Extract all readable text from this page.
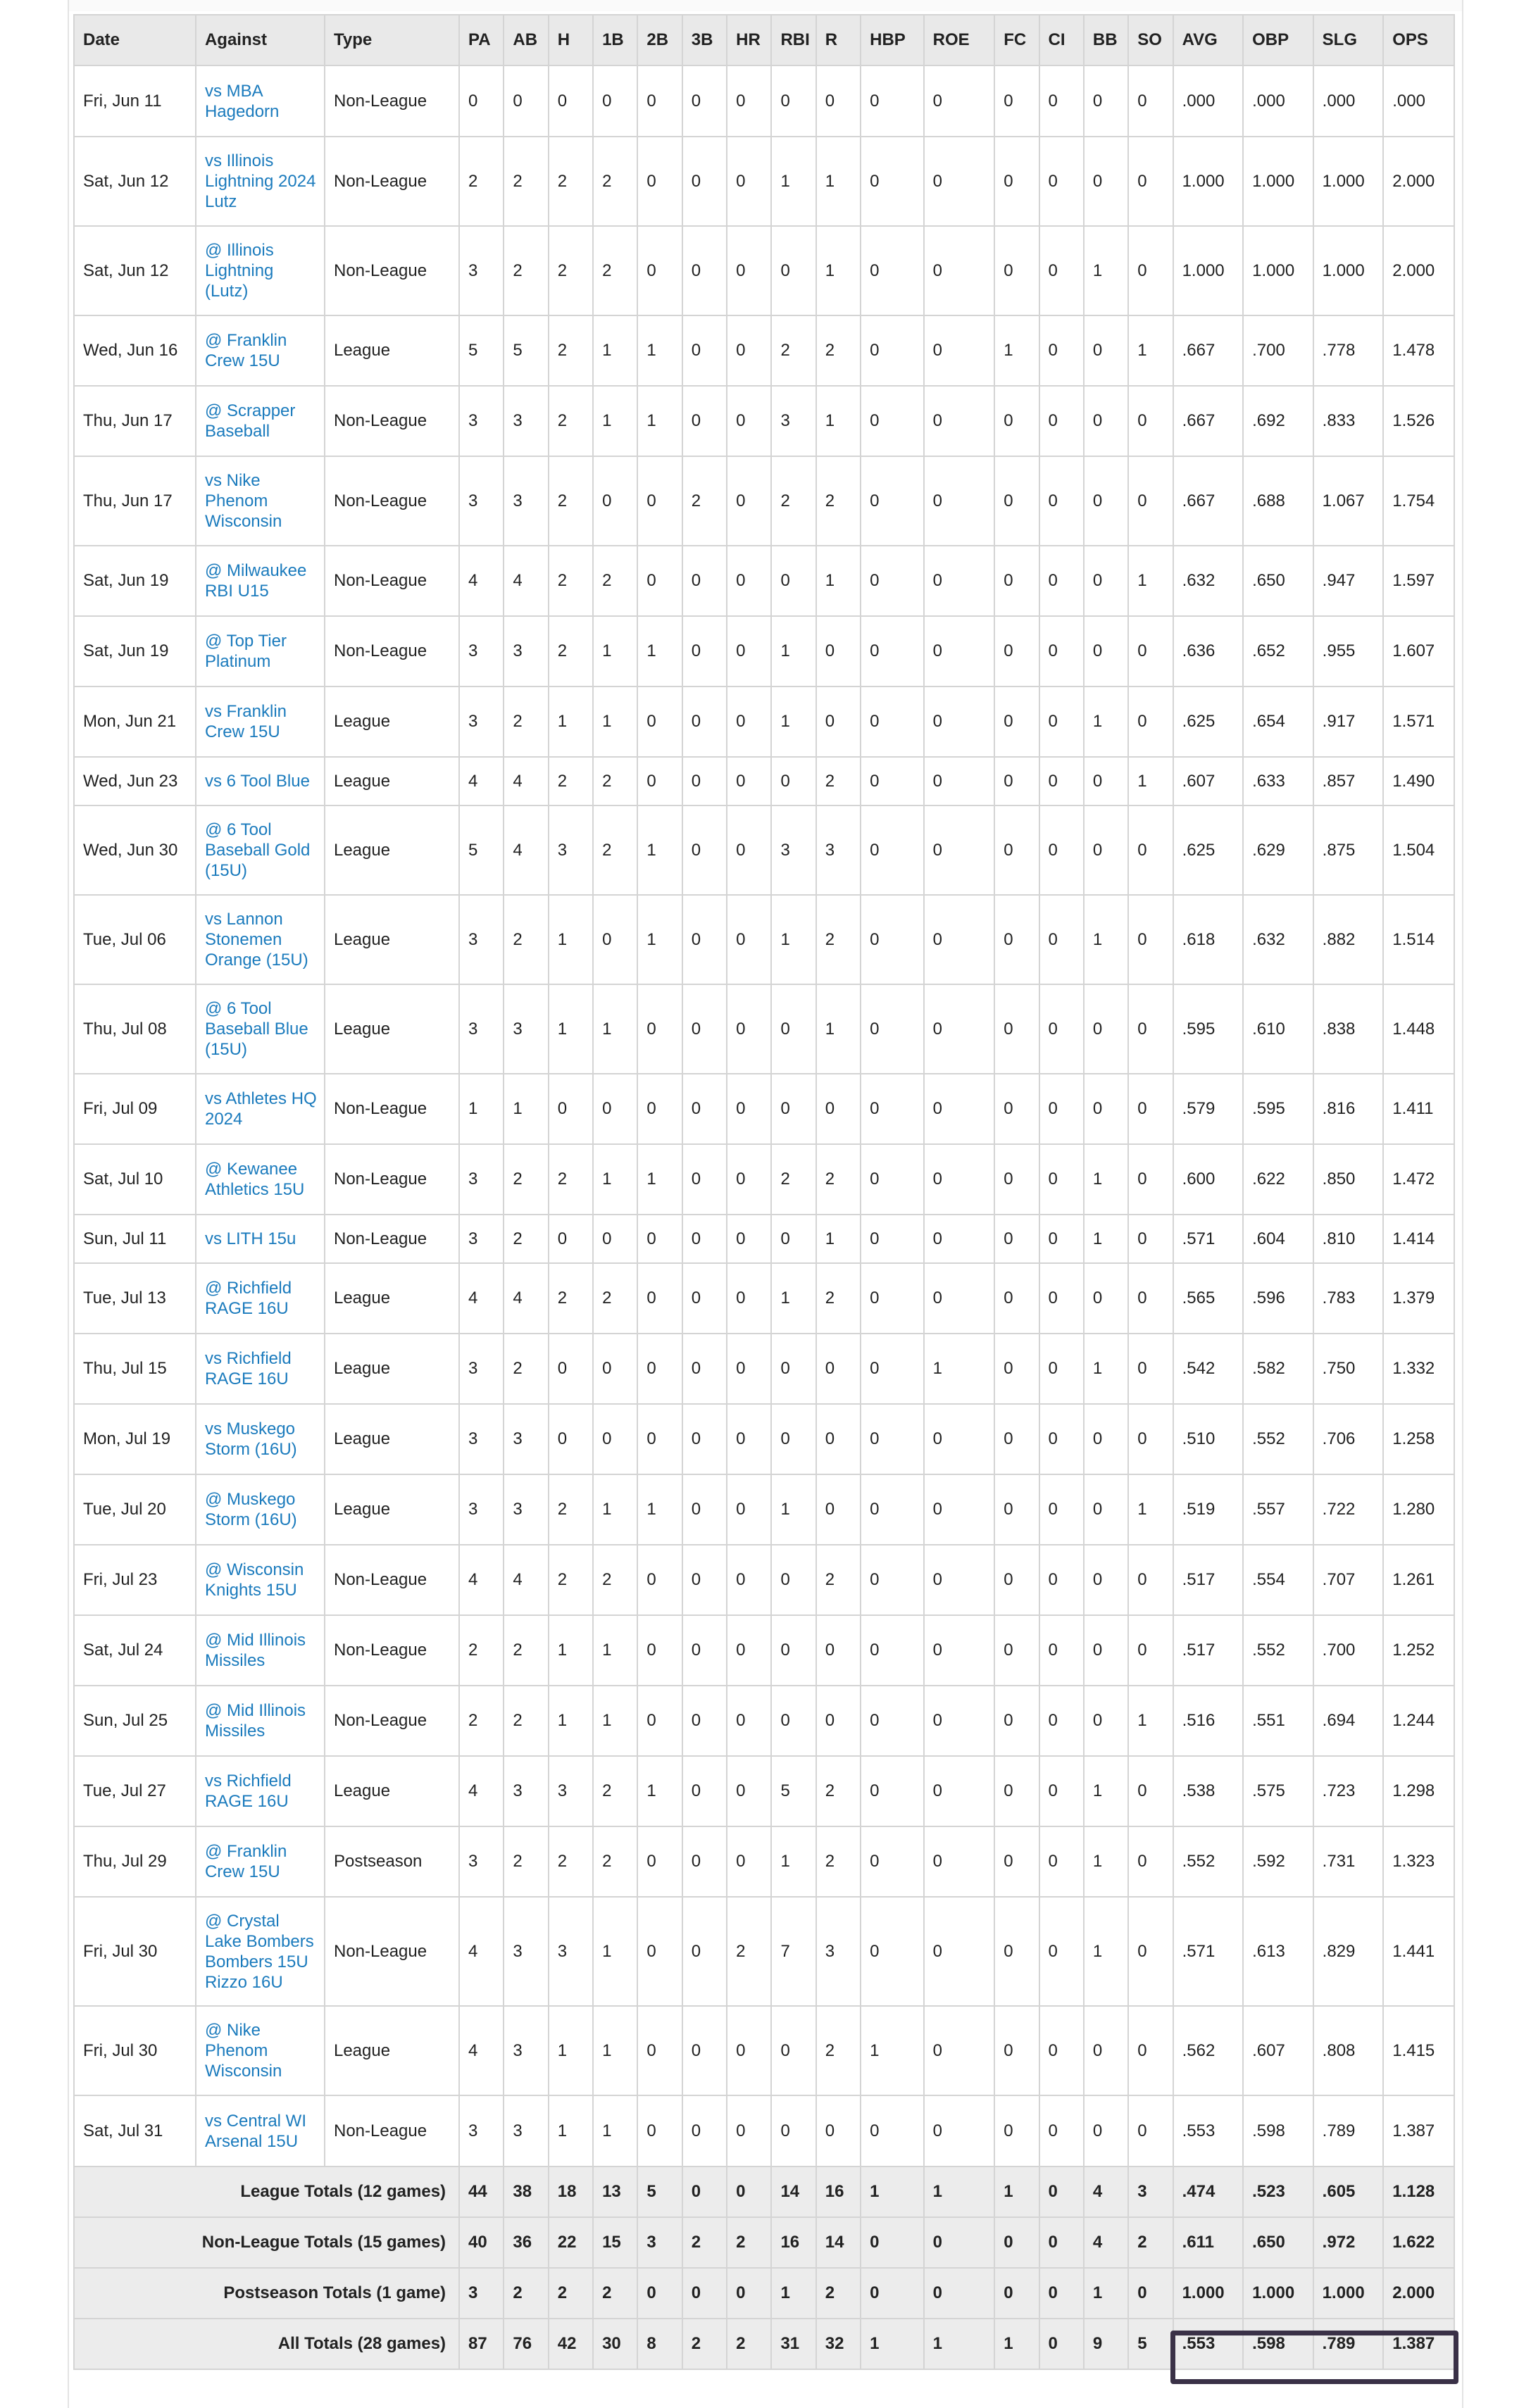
Date	Against	Type	PA	AB	H	1B	2B	3B	HR	RBI	R	HBP	ROE	FC	CI	BB	SO	AVG	OBP	SLG	OPS
Fri, Jun 11	vs MBA Hagedorn	Non-League	0	0	0	0	0	0	0	0	0	0	0	0	0	0	0	.000	.000	.000	.000
Sat, Jun 12	vs Illinois Lightning 2024 Lutz	Non-League	2	2	2	2	0	0	0	1	1	0	0	0	0	0	0	1.000	1.000	1.000	2.000
Sat, Jun 12	@ Illinois Lightning (Lutz)	Non-League	3	2	2	2	0	0	0	0	1	0	0	0	0	1	0	1.000	1.000	1.000	2.000
Wed, Jun 16	@ Franklin Crew 15U	League	5	5	2	1	1	0	0	2	2	0	0	1	0	0	1	.667	.700	.778	1.478
Thu, Jun 17	@ Scrapper Baseball	Non-League	3	3	2	1	1	0	0	3	1	0	0	0	0	0	0	.667	.692	.833	1.526
Thu, Jun 17	vs Nike Phenom Wisconsin	Non-League	3	3	2	0	0	2	0	2	2	0	0	0	0	0	0	.667	.688	1.067	1.754
Sat, Jun 19	@ Milwaukee RBI U15	Non-League	4	4	2	2	0	0	0	0	1	0	0	0	0	0	1	.632	.650	.947	1.597
Sat, Jun 19	@ Top Tier Platinum	Non-League	3	3	2	1	1	0	0	1	0	0	0	0	0	0	0	.636	.652	.955	1.607
Mon, Jun 21	vs Franklin Crew 15U	League	3	2	1	1	0	0	0	1	0	0	0	0	0	1	0	.625	.654	.917	1.571
Wed, Jun 23	vs 6 Tool Blue	League	4	4	2	2	0	0	0	0	2	0	0	0	0	0	1	.607	.633	.857	1.490
Wed, Jun 30	@ 6 Tool Baseball Gold (15U)	League	5	4	3	2	1	0	0	3	3	0	0	0	0	0	0	.625	.629	.875	1.504
Tue, Jul 06	vs Lannon Stonemen Orange (15U)	League	3	2	1	0	1	0	0	1	2	0	0	0	0	1	0	.618	.632	.882	1.514
Thu, Jul 08	@ 6 Tool Baseball Blue (15U)	League	3	3	1	1	0	0	0	0	1	0	0	0	0	0	0	.595	.610	.838	1.448
Fri, Jul 09	vs Athletes HQ 2024	Non-League	1	1	0	0	0	0	0	0	0	0	0	0	0	0	0	.579	.595	.816	1.411
Sat, Jul 10	@ Kewanee Athletics 15U	Non-League	3	2	2	1	1	0	0	2	2	0	0	0	0	1	0	.600	.622	.850	1.472
Sun, Jul 11	vs LITH 15u	Non-League	3	2	0	0	0	0	0	0	1	0	0	0	0	1	0	.571	.604	.810	1.414
Tue, Jul 13	@ Richfield RAGE 16U	League	4	4	2	2	0	0	0	1	2	0	0	0	0	0	0	.565	.596	.783	1.379
Thu, Jul 15	vs Richfield RAGE 16U	League	3	2	0	0	0	0	0	0	0	0	1	0	0	1	0	.542	.582	.750	1.332
Mon, Jul 19	vs Muskego Storm (16U)	League	3	3	0	0	0	0	0	0	0	0	0	0	0	0	0	.510	.552	.706	1.258
Tue, Jul 20	@ Muskego Storm (16U)	League	3	3	2	1	1	0	0	1	0	0	0	0	0	0	1	.519	.557	.722	1.280
Fri, Jul 23	@ Wisconsin Knights 15U	Non-League	4	4	2	2	0	0	0	0	2	0	0	0	0	0	0	.517	.554	.707	1.261
Sat, Jul 24	@ Mid Illinois Missiles	Non-League	2	2	1	1	0	0	0	0	0	0	0	0	0	0	0	.517	.552	.700	1.252
Sun, Jul 25	@ Mid Illinois Missiles	Non-League	2	2	1	1	0	0	0	0	0	0	0	0	0	0	1	.516	.551	.694	1.244
Tue, Jul 27	vs Richfield RAGE 16U	League	4	3	3	2	1	0	0	5	2	0	0	0	0	1	0	.538	.575	.723	1.298
Thu, Jul 29	@ Franklin Crew 15U	Postseason	3	2	2	2	0	0	0	1	2	0	0	0	0	1	0	.552	.592	.731	1.323
Fri, Jul 30	@ Crystal Lake Bombers Bombers 15U Rizzo 16U	Non-League	4	3	3	1	0	0	2	7	3	0	0	0	0	1	0	.571	.613	.829	1.441
Fri, Jul 30	@ Nike Phenom Wisconsin	League	4	3	1	1	0	0	0	0	2	1	0	0	0	0	0	.562	.607	.808	1.415
Sat, Jul 31	vs Central WI Arsenal 15U	Non-League	3	3	1	1	0	0	0	0	0	0	0	0	0	0	0	.553	.598	.789	1.387
League Totals (12 games)			44	38	18	13	5	0	0	14	16	1	1	1	0	4	3	.474	.523	.605	1.128
Non-League Totals (15 games)			40	36	22	15	3	2	2	16	14	0	0	0	0	4	2	.611	.650	.972	1.622
Postseason Totals (1 game)			3	2	2	2	0	0	0	1	2	0	0	0	0	1	0	1.000	1.000	1.000	2.000
All Totals (28 games)			87	76	42	30	8	2	2	31	32	1	1	1	0	9	5	.553	.598	.789	1.387
